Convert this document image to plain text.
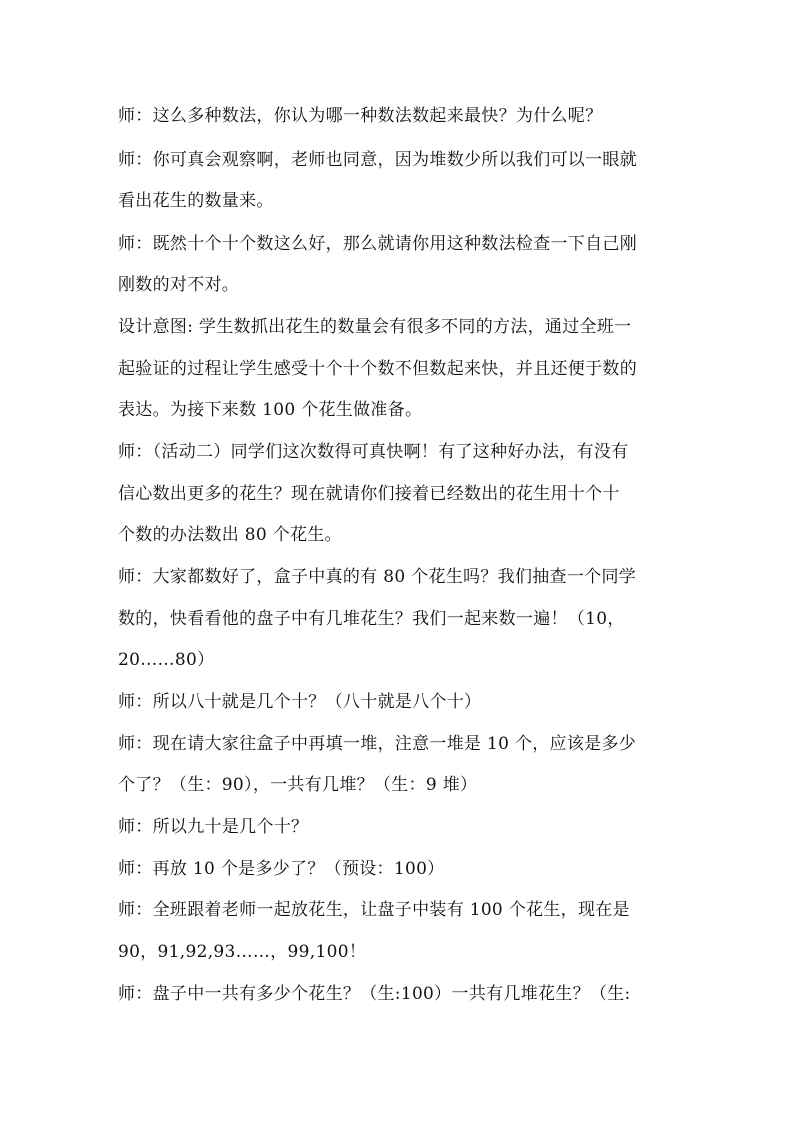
师：这么多种数法，你认为哪一种数法数起来最快？为什么呢？
师：你可真会观察啊，老师也同意，因为堆数少所以我们可以一眼就
看出花生的数量来。
师：既然十个十个数这么好，那么就请你用这种数法检查一下自己刚
刚数的对不对。
设计意图: 学生数抓出花生的数量会有很多不同的方法，通过全班一
起验证的过程让学生感受十个十个数不但数起来快，并且还便于数的
表达。为接下来数 100 个花生做准备。
师：（活动二）同学们这次数得可真快啊！有了这种好办法，有没有
信心数出更多的花生？现在就请你们接着已经数出的花生用十个十
个数的办法数出 80 个花生。
师：大家都数好了，盒子中真的有 80 个花生吗？我们抽查一个同学
数的，快看看他的盘子中有几堆花生？我们一起来数一遍！（10，
20……80）
师：所以八十就是几个十？（八十就是八个十）
师：现在请大家往盒子中再填一堆，注意一堆是 10 个，应该是多少
个了？（生：90），一共有几堆？（生：9 堆）
师：所以九十是几个十？
师：再放 10 个是多少了？（预设：100）
师：全班跟着老师一起放花生，让盘子中装有 100 个花生，现在是
90，91,92,93……，99,100！
师：盘子中一共有多少个花生？（生:100）一共有几堆花生？（生:
